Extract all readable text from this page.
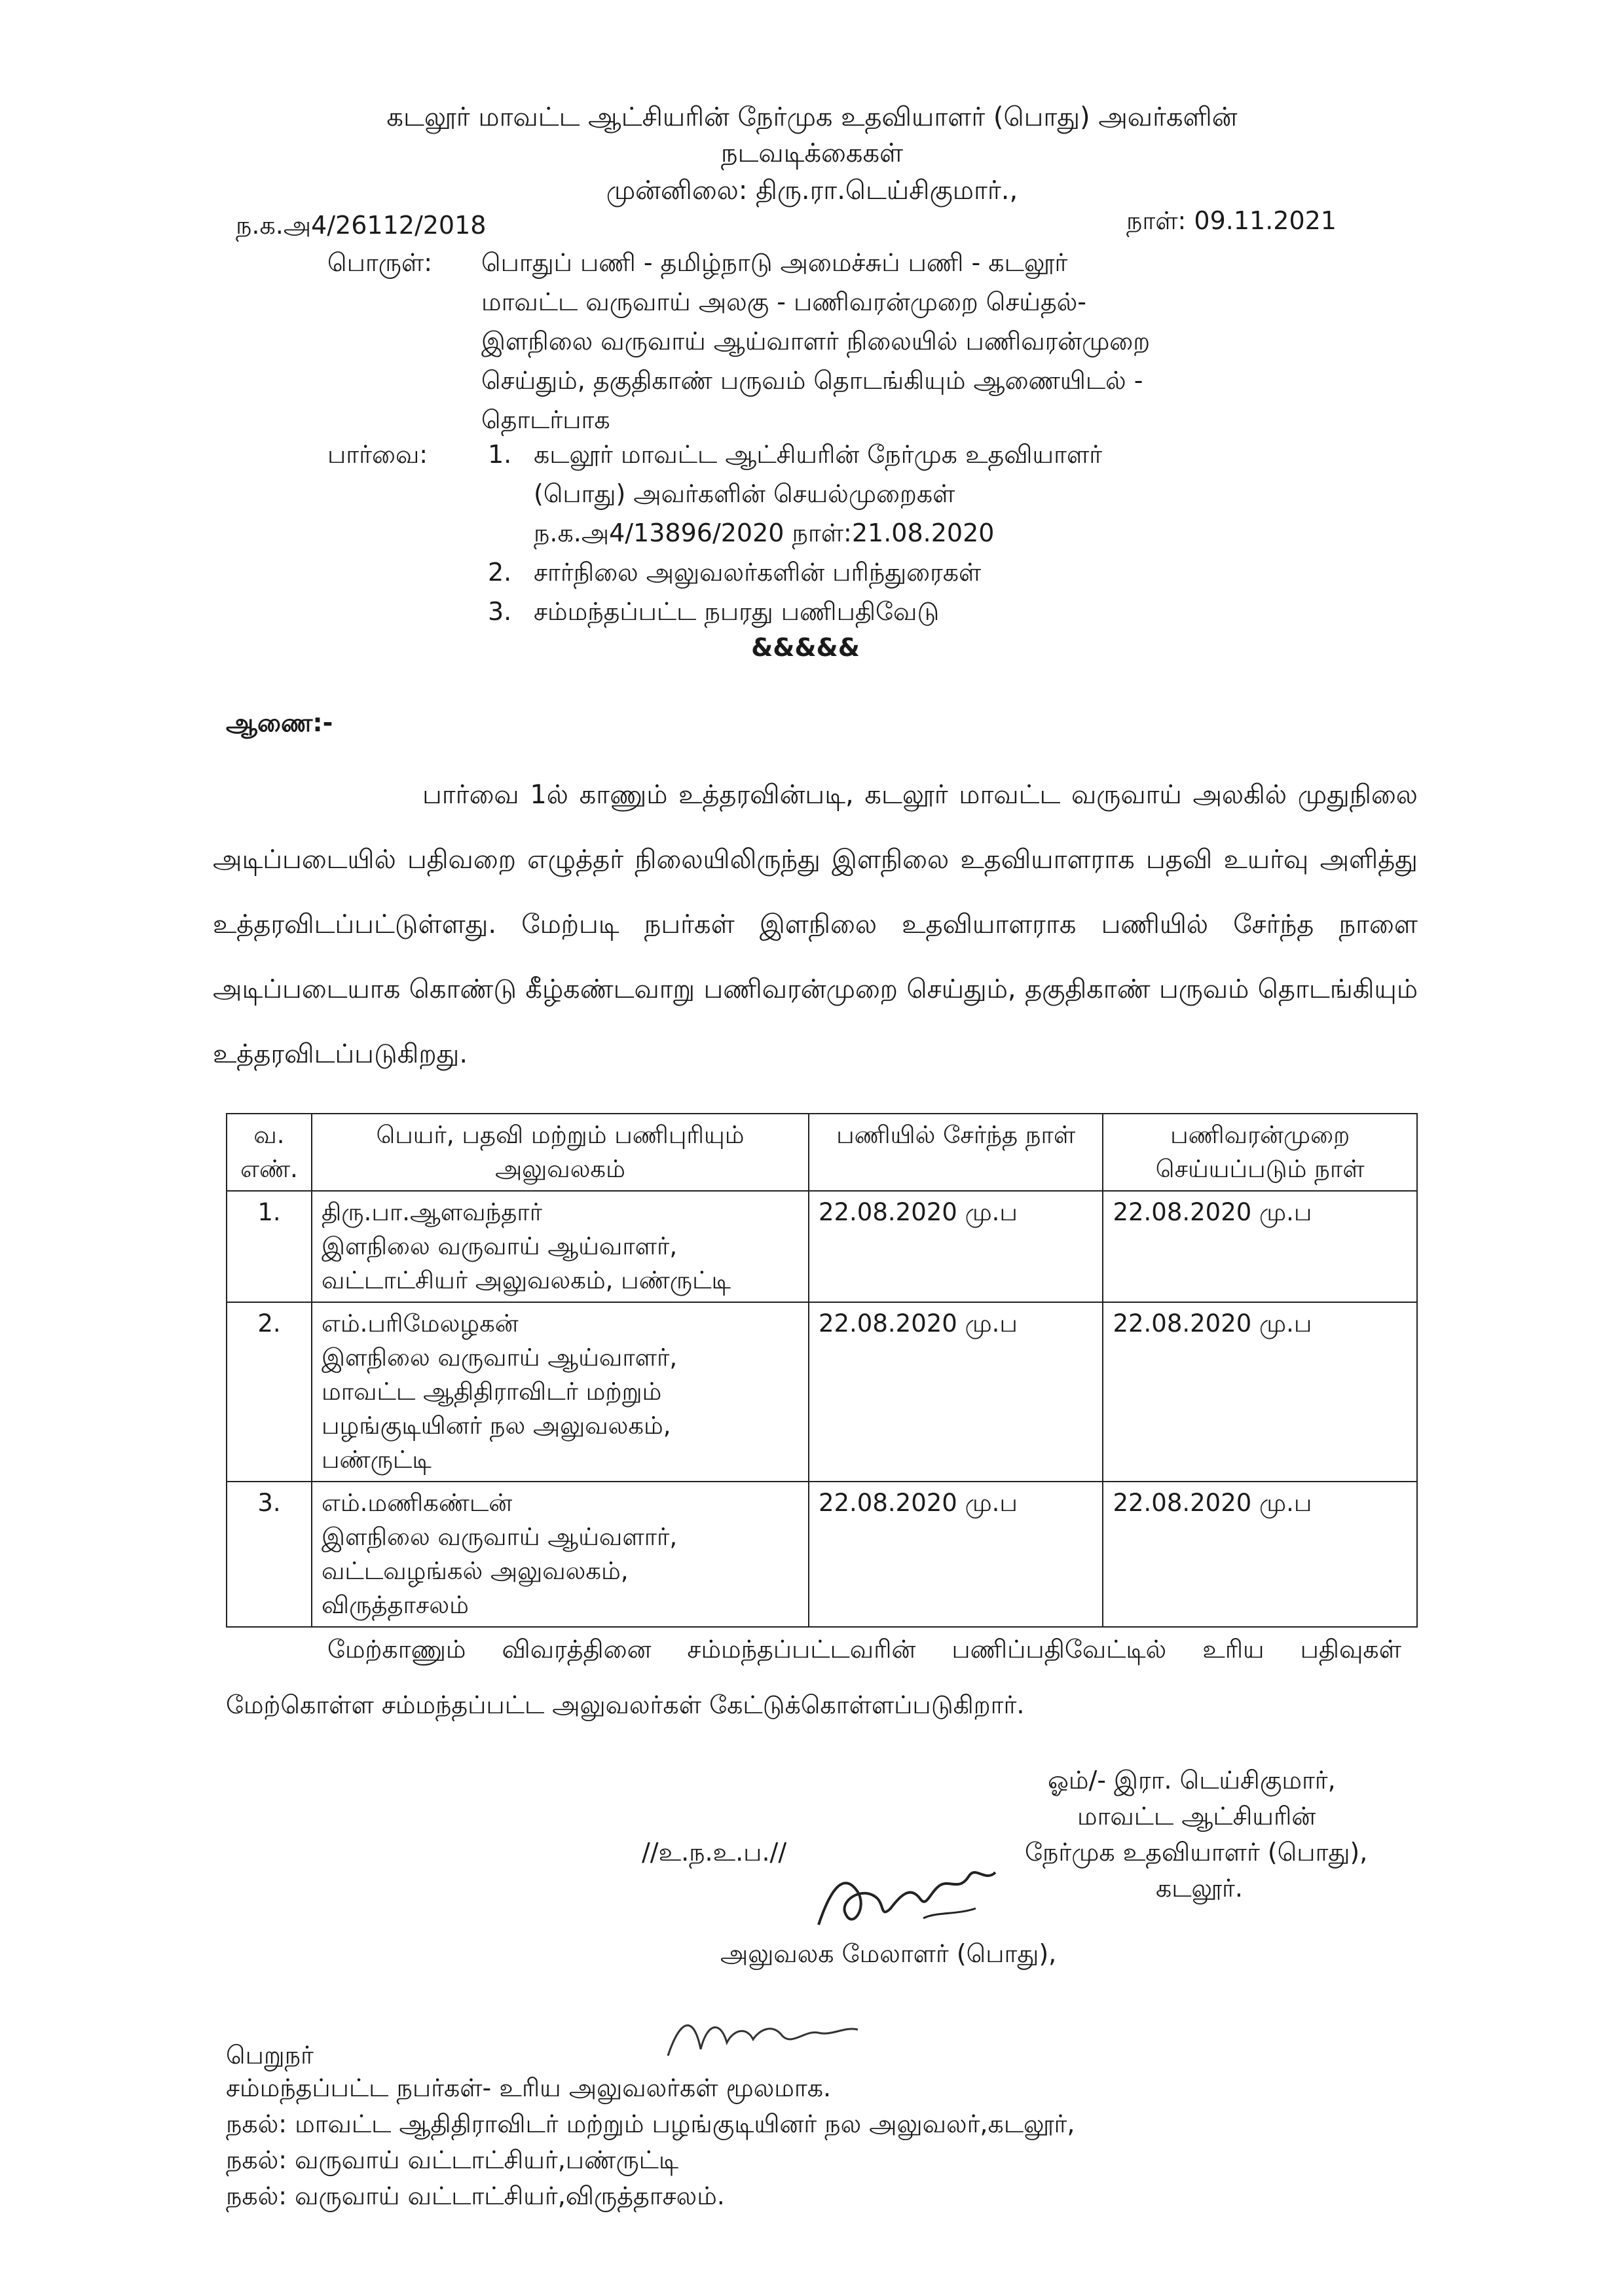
கடலூர் மாவட்ட ஆட்சியரின் நேர்முக உதவியாளர் (பொது) அவர்களின்
நடவடிக்கைகள்
முன்னிலை: திரு.ரா.டெய்சிகுமார்.,
ந.க.அ4/26112/2018	நாள்: 09.11.2021
பொருள்: பொதுப் பணி - தமிழ்நாடு அமைச்சுப் பணி - கடலூர்
மாவட்ட வருவாய் அலகு - பணிவரன்முறை செய்தல்-
இளநிலை வருவாய் ஆய்வாளர் நிலையில் பணிவரன்முறை
செய்தும், தகுதிகாண் பருவம் தொடங்கியும் ஆணையிடல் -
தொடர்பாக
பார்வை: 1. கடலூர் மாவட்ட ஆட்சியரின் நேர்முக உதவியாளர்
(பொது) அவர்களின் செயல்முறைகள்
ந.க.அ4/13896/2020 நாள்:21.08.2020
2. சார்நிலை அலுவலர்களின் பரிந்துரைகள்
3. சம்மந்தப்பட்ட நபரது பணிபதிவேடு
&&&&&
ஆணை:-
பார்வை 1ல் காணும் உத்தரவின்படி, கடலூர் மாவட்ட வருவாய் அலகில் முதுநிலை அடிப்படையில் பதிவறை எழுத்தர் நிலையிலிருந்து இளநிலை உதவியாளராக பதவி உயர்வு அளித்து உத்தரவிடப்பட்டுள்ளது. மேற்படி நபர்கள் இளநிலை உதவியாளராக பணியில் சேர்ந்த நாளை அடிப்படையாக கொண்டு கீழ்கண்டவாறு பணிவரன்முறை செய்தும், தகுதிகாண் பருவம் தொடங்கியும் உத்தரவிடப்படுகிறது.
வ. எண்.	பெயர், பதவி மற்றும் பணிபுரியும் அலுவலகம்	பணியில் சேர்ந்த நாள்	பணிவரன்முறை செய்யப்படும் நாள்
1.	திரு.பா.ஆளவந்தார்
இளநிலை வருவாய் ஆய்வாளர்,
வட்டாட்சியர் அலுவலகம், பண்ருட்டி	22.08.2020 மு.ப	22.08.2020 மு.ப
2.	எம்.பரிமேலழகன்
இளநிலை வருவாய் ஆய்வாளர்,
மாவட்ட ஆதிதிராவிடர் மற்றும்
பழங்குடியினர் நல அலுவலகம்,
பண்ருட்டி	22.08.2020 மு.ப	22.08.2020 மு.ப
3.	எம்.மணிகண்டன்
இளநிலை வருவாய் ஆய்வளார்,
வட்டவழங்கல் அலுவலகம்,
விருத்தாசலம்	22.08.2020 மு.ப	22.08.2020 மு.ப
மேற்காணும் விவரத்தினை சம்மந்தப்பட்டவரின் பணிப்பதிவேட்டில் உரிய பதிவுகள்
மேற்கொள்ள சம்மந்தப்பட்ட அலுவலர்கள் கேட்டுக்கொள்ளப்படுகிறார்.
ஓம்/- இரா. டெய்சிகுமார்,
மாவட்ட ஆட்சியரின்
நேர்முக உதவியாளர் (பொது),
கடலூர்.
//உ.ந.உ.ப.//
அலுவலக மேலாளர் (பொது),
பெறுநர்
சம்மந்தப்பட்ட நபர்கள்- உரிய அலுவலர்கள் மூலமாக.
நகல்: மாவட்ட ஆதிதிராவிடர் மற்றும் பழங்குடியினர் நல அலுவலர்,கடலூர்,
நகல்: வருவாய் வட்டாட்சியர்,பண்ருட்டி
நகல்: வருவாய் வட்டாட்சியர்,விருத்தாசலம்.
